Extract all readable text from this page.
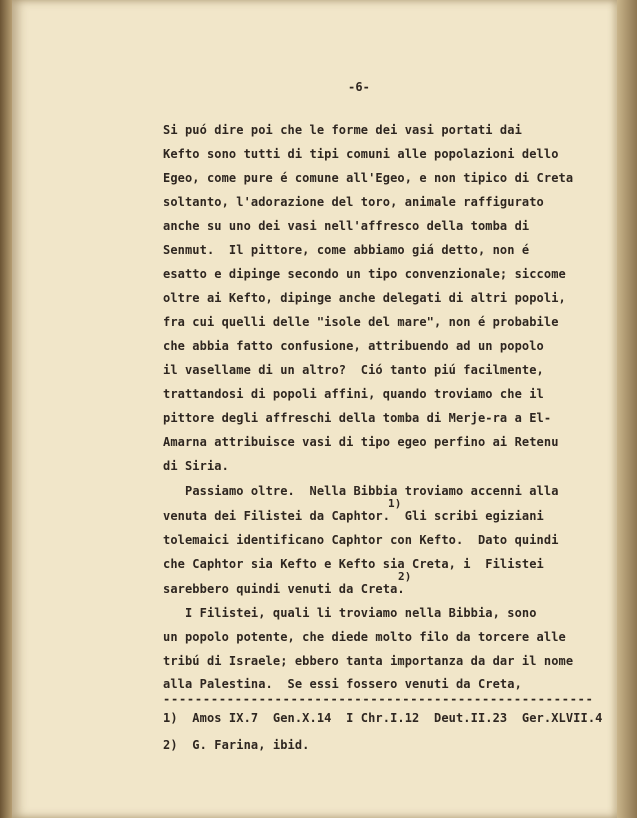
-6-
Si puó dire poi che le forme dei vasi portati dai
Kefto sono tutti di tipi comuni alle popolazioni dello
Egeo, come pure é comune all'Egeo, e non tipico di Creta
soltanto, l'adorazione del toro, animale raffigurato
anche su uno dei vasi nell'affresco della tomba di
Senmut.  Il pittore, come abbiamo giá detto, non é
esatto e dipinge secondo un tipo convenzionale; siccome
oltre ai Kefto, dipinge anche delegati di altri popoli,
fra cui quelli delle "isole del mare", non é probabile
che abbia fatto confusione, attribuendo ad un popolo
il vasellame di un altro?  Ció tanto piú facilmente,
trattandosi di popoli affini, quando troviamo che il
pittore degli affreschi della tomba di Merje-ra a El-
Amarna attribuisce vasi di tipo egeo perfino ai Retenu
di Siria.
Passiamo oltre.  Nella Bibbia troviamo accenni alla
1)
venuta dei Filistei da Caphtor.  Gli scribi egiziani
tolemaici identificano Caphtor con Kefto.  Dato quindi
che Caphtor sia Kefto e Kefto sia Creta, i  Filistei
2)
sarebbero quindi venuti da Creta.
I Filistei, quali li troviamo nella Bibbia, sono
un popolo potente, che diede molto filo da torcere alle
tribú di Israele; ebbero tanta importanza da dar il nome
alla Palestina.  Se essi fossero venuti da Creta,
------------------------------------------------------
1)  Amos IX.7  Gen.X.14  I Chr.I.12  Deut.II.23  Ger.XLVII.4
2)  G. Farina, ibid.
